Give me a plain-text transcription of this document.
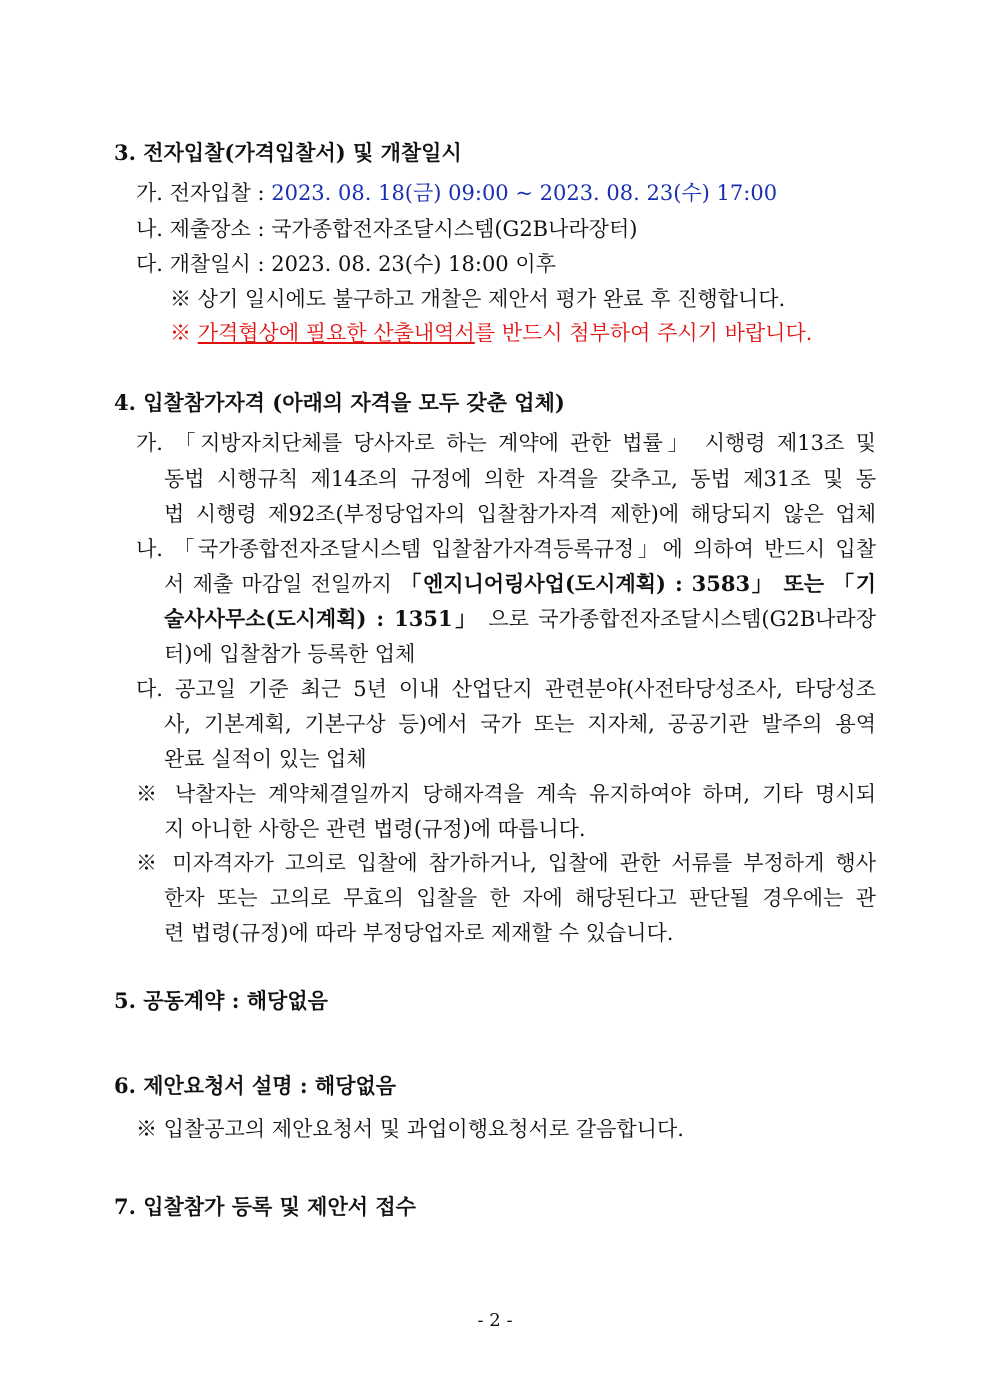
3. 전자입찰(가격입찰서) 및 개찰일시
가. 전자입찰 : 2023. 08. 18(금) 09:00 ~ 2023. 08. 23(수) 17:00
나. 제출장소 : 국가종합전자조달시스템(G2B나라장터)
다. 개찰일시 : 2023. 08. 23(수) 18:00 이후
※ 상기 일시에도 불구하고 개찰은 제안서 평가 완료 후 진행합니다.
※ 가격협상에 필요한 산출내역서를 반드시 첨부하여 주시기 바랍니다.
4. 입찰참가자격 (아래의 자격을 모두 갖춘 업체)
가. 「지방자치단체를 당사자로 하는 계약에 관한 법률」 시행령 제13조 및
동법 시행규칙 제14조의 규정에 의한 자격을 갖추고, 동법 제31조 및 동
법 시행령 제92조(부정당업자의 입찰참가자격 제한)에 해당되지 않은 업체
나. 「국가종합전자조달시스템 입찰참가자격등록규정」에 의하여 반드시 입찰
서 제출 마감일 전일까지 「엔지니어링사업(도시계획) : 3583」 또는 「기
술사사무소(도시계획) : 1351」 으로 국가종합전자조달시스템(G2B나라장
터)에 입찰참가 등록한 업체
다. 공고일 기준 최근 5년 이내 산업단지 관련분야(사전타당성조사, 타당성조
사, 기본계획, 기본구상 등)에서 국가 또는 지자체, 공공기관 발주의 용역
완료 실적이 있는 업체
※ 낙찰자는 계약체결일까지 당해자격을 계속 유지하여야 하며, 기타 명시되
지 아니한 사항은 관련 법령(규정)에 따릅니다.
※ 미자격자가 고의로 입찰에 참가하거나, 입찰에 관한 서류를 부정하게 행사
한자 또는 고의로 무효의 입찰을 한 자에 해당된다고 판단될 경우에는 관
련 법령(규정)에 따라 부정당업자로 제재할 수 있습니다.
5. 공동계약 : 해당없음
6. 제안요청서 설명 : 해당없음
※ 입찰공고의 제안요청서 및 과업이행요청서로 갈음합니다.
7. 입찰참가 등록 및 제안서 접수
- 2 -
